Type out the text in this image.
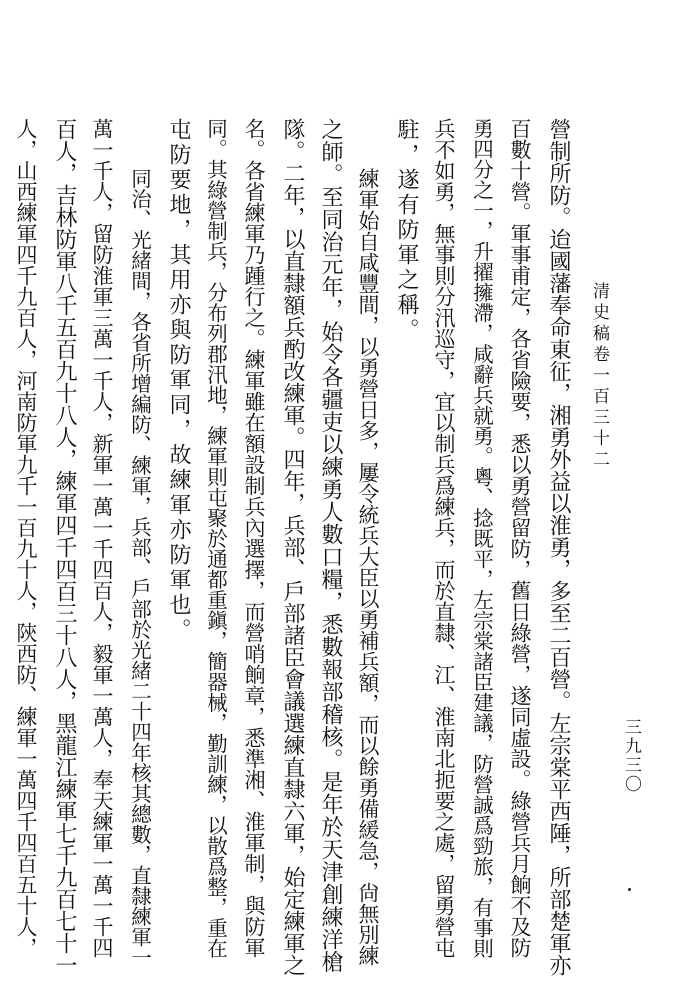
清史稿卷一百三十二
三九三〇
營制所防。迨國藩奉命東征，湘勇外益以淮勇，多至二百營。左宗棠平西陲，所部楚軍亦
百數十營。軍事甫定，各省險要，悉以勇營留防，舊日綠營，遂同虛設。綠營兵月餉不及防
勇四分之一，升擢擁滯，咸辭兵就勇。粵、捻既平，左宗棠諸臣建議，防營誠爲勁旅，有事則
兵不如勇，無事則分汛巡守，宜以制兵爲練兵，而於直隸、江、淮南北扼要之處，留勇營屯
駐，遂有防軍之稱。
練軍始自咸豐間，以勇營日多，屢令統兵大臣以勇補兵額，而以餘勇備緩急，尙無別練
之師。至同治元年，始令各疆吏以練勇人數口糧，悉數報部稽核。是年於天津創練洋槍
隊。二年，以直隸額兵酌改練軍。四年，兵部、戶部諸臣會議選練直隸六軍，始定練軍之
名。各省練軍乃踵行之。練軍雖在額設制兵內選擇，而營哨餉章，悉準湘、淮軍制，與防軍
同。其綠營制兵，分布列郡汛地，練軍則屯聚於通都重鎭，簡器械，勤訓練，以散爲整，重在
屯防要地，其用亦與防軍同，故練軍亦防軍也。
同治、光緒間，各省所增編防、練軍，兵部、戶部於光緒二十四年核其總數，直隸練軍一
萬一千人，留防淮軍三萬一千人，新軍一萬一千四百人，毅軍一萬人，奉天練軍一萬一千四
百人，吉林防軍八千五百九十八人，練軍四千四百三十八人，黑龍江練軍七千九百七十一
人，山西練軍四千九百人，河南防軍九千一百九十人，陝西防、練軍一萬四千四百五十人，
